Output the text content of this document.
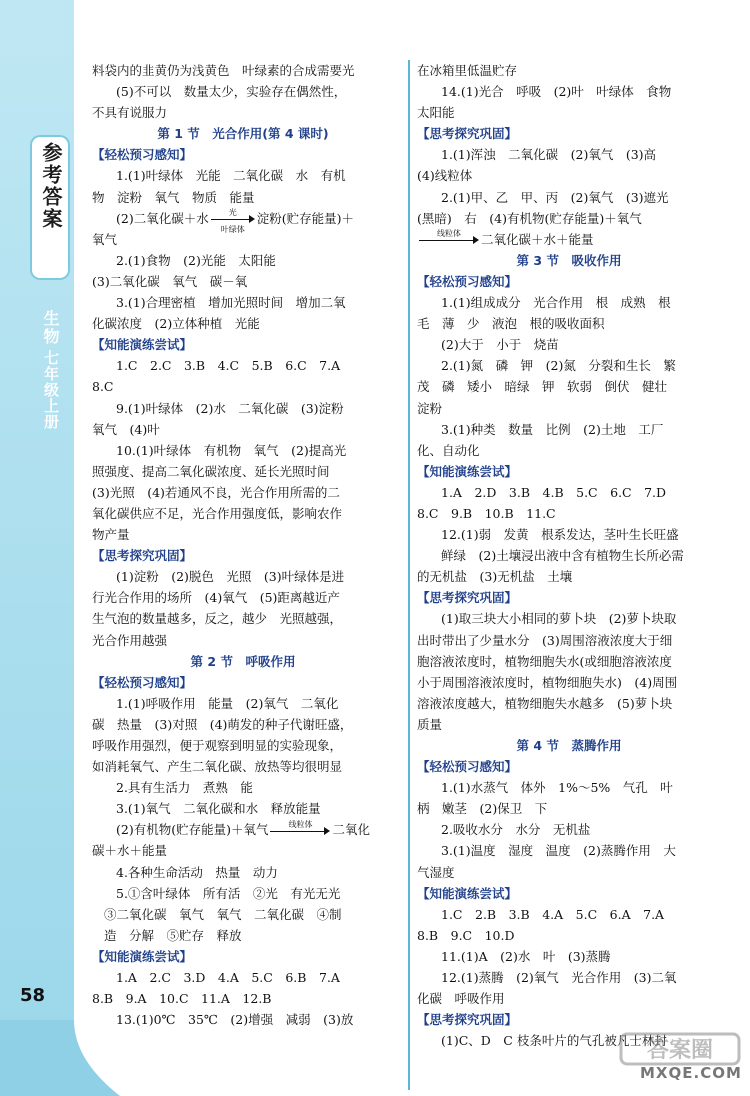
参考答案
生物
七年级上册
58
料袋内的韭黄仍为浅黄色　叶绿素的合成需要光
(5)不可以　数量太少，实验存在偶然性，
不具有说服力
第 1 节　光合作用(第 4 课时)
【轻松预习感知】
1.(1)叶绿体　光能　二氧化碳　水　有机
物　淀粉　氧气　物质　能量
(2)二氧化碳＋水	光
叶绿体
淀粉(贮存能量)＋
氧气
2.(1)食物　(2)光能　太阳能
(3)二氧化碳　氧气　碳－氧
3.(1)合理密植　增加光照时间　增加二氧
化碳浓度　(2)立体种植　光能
【知能演练尝试】
1.C　2.C　3.B　4.C　5.B　6.C　7.A
8.C
9.(1)叶绿体　(2)水　二氧化碳　(3)淀粉
氧气　(4)叶
10.(1)叶绿体　有机物　氧气　(2)提高光
照强度、提高二氧化碳浓度、延长光照时间
(3)光照　(4)若通风不良，光合作用所需的二
氧化碳供应不足，光合作用强度低，影响农作
物产量
【思考探究巩固】
(1)淀粉　(2)脱色　光照　(3)叶绿体是进
行光合作用的场所　(4)氧气　(5)距离越近产
生气泡的数量越多，反之，越少　光照越强，
光合作用越强
第 2 节　呼吸作用
【轻松预习感知】
1.(1)呼吸作用　能量　(2)氧气　二氧化
碳　热量　(3)对照　(4)萌发的种子代谢旺盛，
呼吸作用强烈，便于观察到明显的实验现象，
如消耗氧气、产生二氧化碳、放热等均很明显
2.具有生活力　煮熟　能
3.(1)氧气　二氧化碳和水　释放能量
(2)有机物(贮存能量)＋氧气	线粒体	二氧化
碳＋水＋能量
4.各种生命活动　热量　动力
5.①含叶绿体　所有活　②光　有光无光
③二氧化碳　氧气　氧气　二氧化碳　④制
造　分解　⑤贮存　释放
【知能演练尝试】
1.A　2.C　3.D　4.A　5.C　6.B　7.A
8.B　9.A　10.C　11.A　12.B
13.(1)0℃　35℃　(2)增强　减弱　(3)放
在冰箱里低温贮存
14.(1)光合　呼吸　(2)叶　叶绿体　食物
太阳能
【思考探究巩固】
1.(1)浑浊　二氧化碳　(2)氧气　(3)高
(4)线粒体
2.(1)甲、乙　甲、丙　(2)氧气　(3)遮光
(黑暗)　右　(4)有机物(贮存能量)＋氧气
线粒体	二氧化碳＋水＋能量
第 3 节　吸收作用
【轻松预习感知】
1.(1)组成成分　光合作用　根　成熟　根
毛　薄　少　液泡　根的吸收面积
(2)大于　小于　烧苗
2.(1)氮　磷　钾　(2)氮　分裂和生长　繁
茂　磷　矮小　暗绿　钾　软弱　倒伏　健壮
淀粉
3.(1)种类　数量　比例　(2)土地　工厂
化、自动化
【知能演练尝试】
1.A　2.D　3.B　4.B　5.C　6.C　7.D
8.C　9.B　10.B　11.C
12.(1)弱　发黄　根系发达，茎叶生长旺盛
鲜绿　(2)土壤浸出液中含有植物生长所必需
的无机盐　(3)无机盐　土壤
【思考探究巩固】
(1)取三块大小相同的萝卜块　(2)萝卜块取
出时带出了少量水分　(3)周围溶液浓度大于细
胞溶液浓度时，植物细胞失水(或细胞溶液浓度
小于周围溶液浓度时，植物细胞失水)　(4)周围
溶液浓度越大，植物细胞失水越多　(5)萝卜块
质量
第 4 节　蒸腾作用
【轻松预习感知】
1.(1)水蒸气　体外　1%～5%　气孔　叶
柄　嫩茎　(2)保卫　下
2.吸收水分　水分　无机盐
3.(1)温度　湿度　温度　(2)蒸腾作用　大
气湿度
【知能演练尝试】
1.C　2.B　3.B　4.A　5.C　6.A　7.A
8.B　9.C　10.D
11.(1)A　(2)水　叶　(3)蒸腾
12.(1)蒸腾　(2)氧气　光合作用　(3)二氧
化碳　呼吸作用
【思考探究巩固】
(1)C、D　C 枝条叶片的气孔被凡士林封
答案圈
MXQE.COM
